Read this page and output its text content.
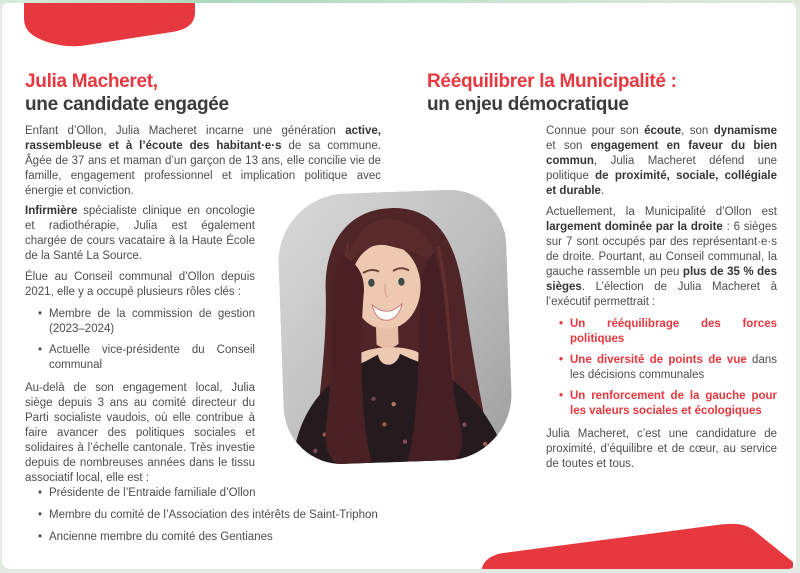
Julia Macheret,
une candidate engagée
Enfant d’Ollon, Julia Macheret incarne une génération active, rassembleuse et à l’écoute des habitant·e·s de sa commune. Âgée de 37 ans et maman d’un garçon de 13 ans, elle concilie vie de famille, engagement professionnel et implication politique avec énergie et conviction.

Infirmière spécialiste clinique en oncologie et radiothérapie, Julia est également chargée de cours vacataire à la Haute École de la Santé La Source.

Élue au Conseil communal d’Ollon depuis 2021, elle y a occupé plusieurs rôles clés :

• Membre de la commission de gestion (2023–2024)
• Actuelle vice-présidente du Conseil communal

Au-delà de son engagement local, Julia siège depuis 3 ans au comité directeur du Parti socialiste vaudois, où elle contribue à faire avancer des politiques sociales et solidaires à l’échelle cantonale. Très investie depuis de nombreuses années dans le tissu associatif local, elle est :

• Présidente de l’Entraide familiale d’Ollon
• Membre du comité de l’Association des intérêts de Saint-Triphon
• Ancienne membre du comité des Gentianes
Rééquilibrer la Municipalité :
un enjeu démocratique

Connue pour son écoute, son dynamisme et son engagement en faveur du bien commun, Julia Macheret défend une politique de proximité, sociale, collégiale et durable.

Actuellement, la Municipalité d’Ollon est largement dominée par la droite : 6 sièges sur 7 sont occupés par des représentant·e·s de droite. Pourtant, au Conseil communal, la gauche rassemble un peu plus de 35 % des sièges. L’élection de Julia Macheret à l’exécutif permettrait :

• Un rééquilibrage des forces politiques
• Une diversité de points de vue dans les décisions communales
• Un renforcement de la gauche pour les valeurs sociales et écologiques

Julia Macheret, c’est une candidature de proximité, d’équilibre et de cœur, au service de toutes et tous.
